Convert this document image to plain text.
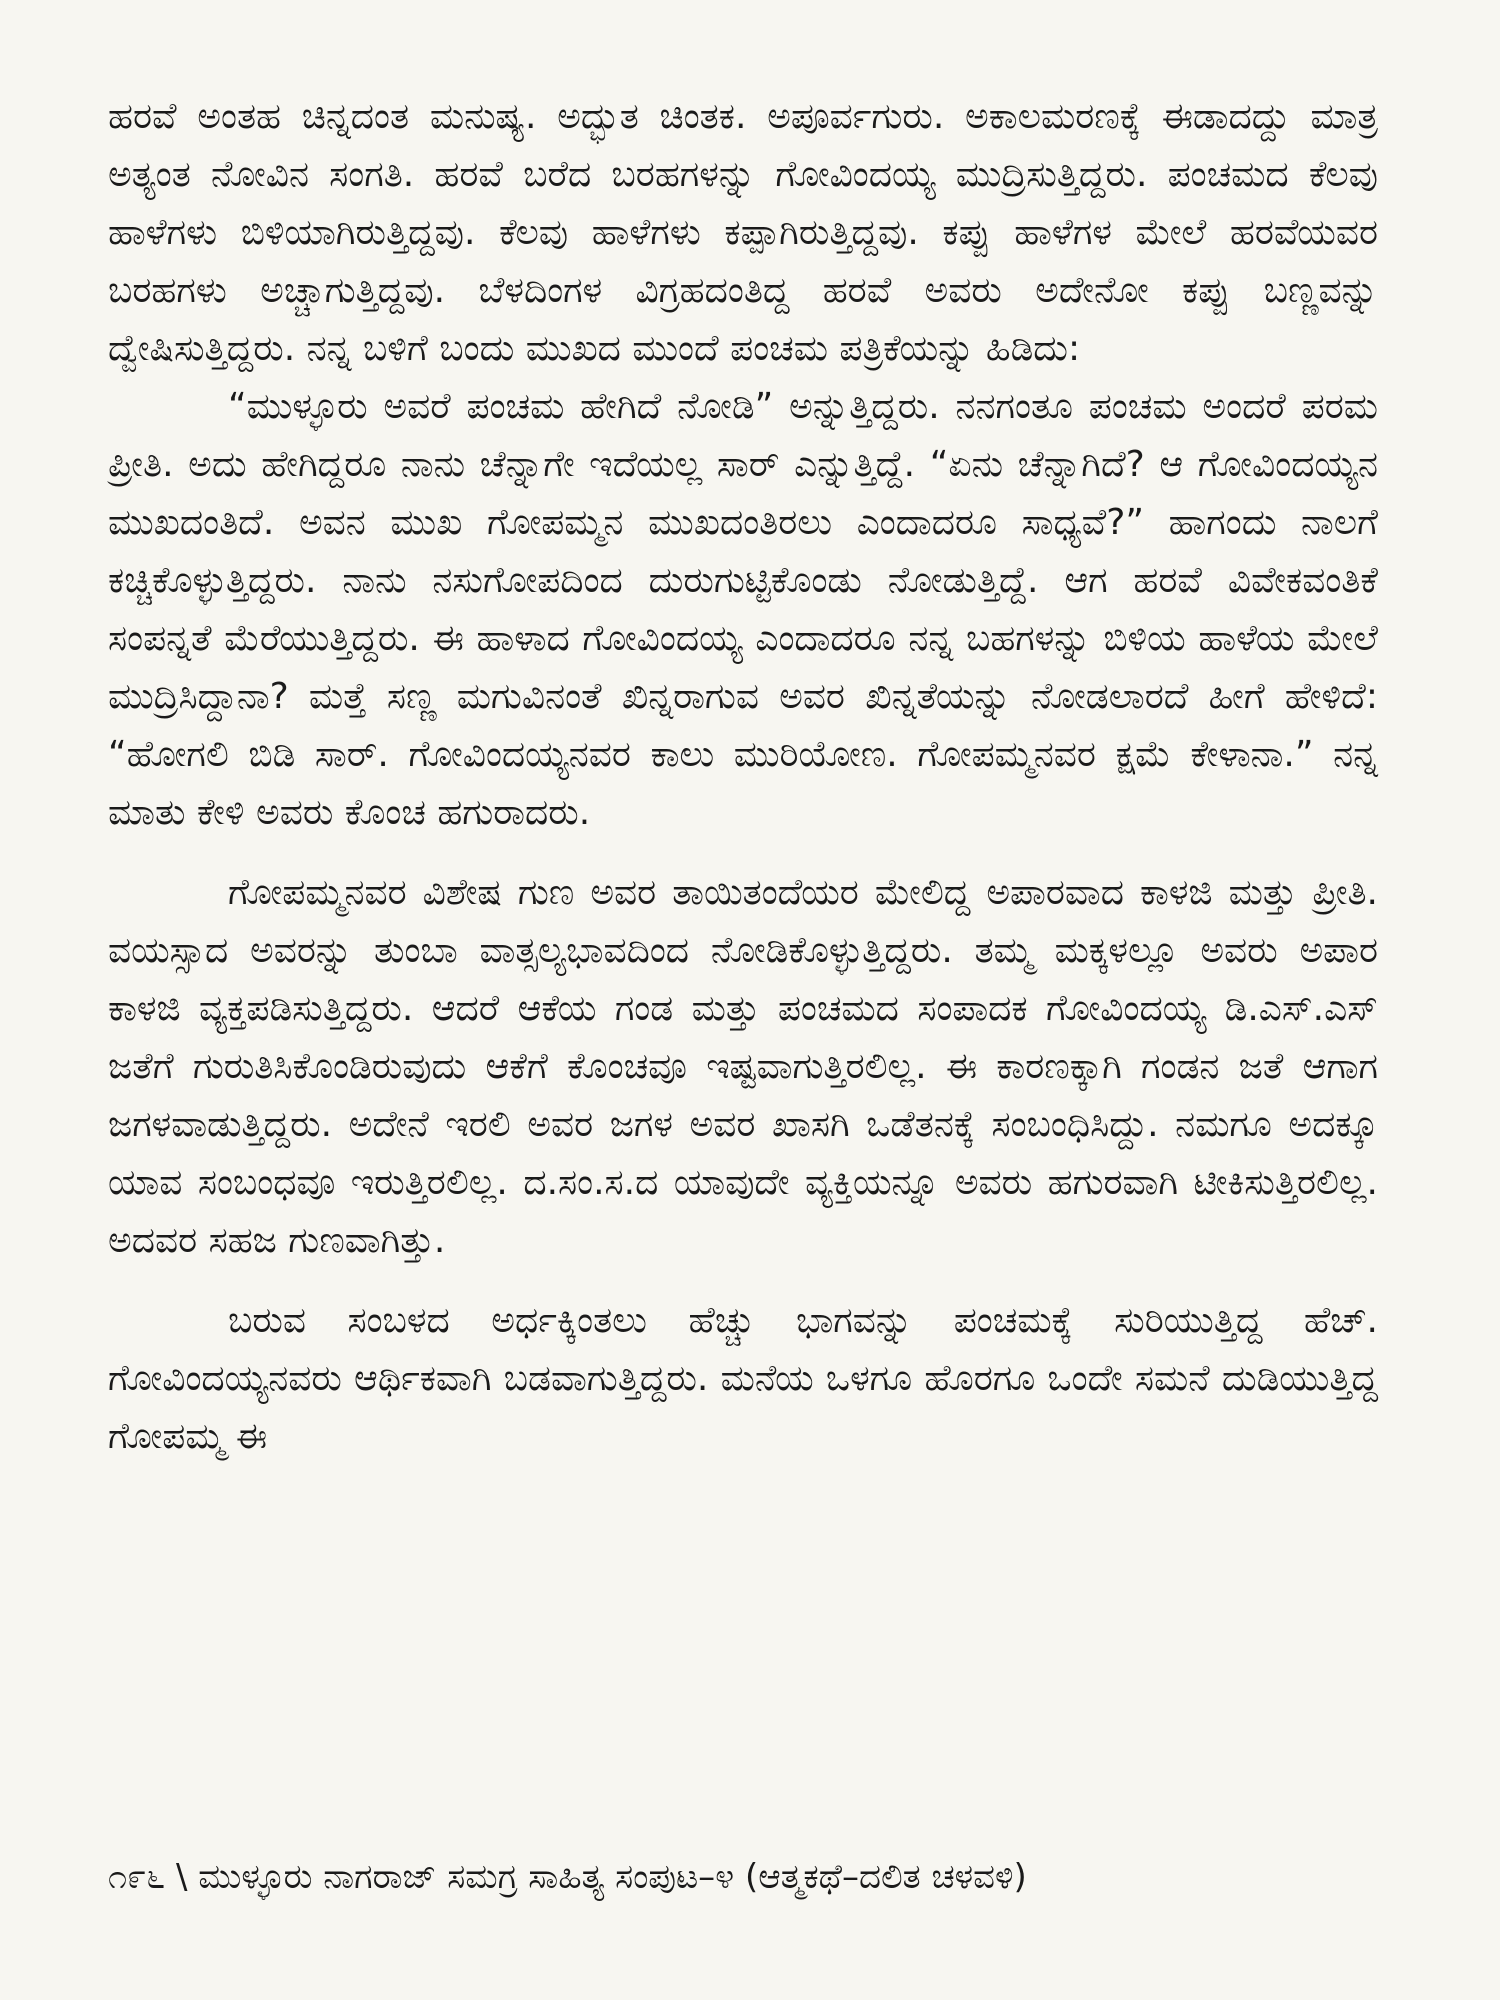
ಹರವೆ ಅಂತಹ ಚಿನ್ನದಂತ ಮನುಷ್ಯ. ಅದ್ಭುತ ಚಿಂತಕ. ಅಪೂರ್ವಗುರು. ಅಕಾಲಮರಣಕ್ಕೆ ಈಡಾದದ್ದು ಮಾತ್ರ ಅತ್ಯಂತ ನೋವಿನ ಸಂಗತಿ. ಹರವೆ ಬರೆದ ಬರಹಗಳನ್ನು ಗೋವಿಂದಯ್ಯ ಮುದ್ರಿಸುತ್ತಿದ್ದರು. ಪಂಚಮದ ಕೆಲವು ಹಾಳೆಗಳು ಬಿಳಿಯಾಗಿರುತ್ತಿದ್ದವು. ಕೆಲವು ಹಾಳೆಗಳು ಕಪ್ಪಾಗಿರುತ್ತಿದ್ದವು. ಕಪ್ಪು ಹಾಳೆಗಳ ಮೇಲೆ ಹರವೆಯವರ ಬರಹಗಳು ಅಚ್ಚಾಗುತ್ತಿದ್ದವು. ಬೆಳದಿಂಗಳ ವಿಗ್ರಹದಂತಿದ್ದ ಹರವೆ ಅವರು ಅದೇನೋ ಕಪ್ಪು ಬಣ್ಣವನ್ನು ದ್ವೇಷಿಸುತ್ತಿದ್ದರು. ನನ್ನ ಬಳಿಗೆ ಬಂದು ಮುಖದ ಮುಂದೆ ಪಂಚಮ ಪತ್ರಿಕೆಯನ್ನು ಹಿಡಿದು:

“ಮುಳ್ಳೂರು ಅವರೆ ಪಂಚಮ ಹೇಗಿದೆ ನೋಡಿ” ಅನ್ನುತ್ತಿದ್ದರು. ನನಗಂತೂ ಪಂಚಮ ಅಂದರೆ ಪರಮ ಪ್ರೀತಿ. ಅದು ಹೇಗಿದ್ದರೂ ನಾನು ಚೆನ್ನಾಗೇ ಇದೆಯಲ್ಲ ಸಾರ್ ಎನ್ನುತ್ತಿದ್ದೆ. “ಏನು ಚೆನ್ನಾಗಿದೆ? ಆ ಗೋವಿಂದಯ್ಯನ ಮುಖದಂತಿದೆ. ಅವನ ಮುಖ ಗೋಪಮ್ಮನ ಮುಖದಂತಿರಲು ಎಂದಾದರೂ ಸಾಧ್ಯವೆ?” ಹಾಗಂದು ನಾಲಗೆ ಕಚ್ಚಿಕೊಳ್ಳುತ್ತಿದ್ದರು. ನಾನು ನಸುಗೋಪದಿಂದ ದುರುಗುಟ್ಟಿಕೊಂಡು ನೋಡುತ್ತಿದ್ದೆ. ಆಗ ಹರವೆ ವಿವೇಕವಂತಿಕೆ ಸಂಪನ್ನತೆ ಮೆರೆಯುತ್ತಿದ್ದರು. ಈ ಹಾಳಾದ ಗೋವಿಂದಯ್ಯ ಎಂದಾದರೂ ನನ್ನ ಬಹಗಳನ್ನು ಬಿಳಿಯ ಹಾಳೆಯ ಮೇಲೆ ಮುದ್ರಿಸಿದ್ದಾನಾ? ಮತ್ತೆ ಸಣ್ಣ ಮಗುವಿನಂತೆ ಖಿನ್ನರಾಗುವ ಅವರ ಖಿನ್ನತೆಯನ್ನು ನೋಡಲಾರದೆ ಹೀಗೆ ಹೇಳಿದೆ: “ಹೋಗಲಿ ಬಿಡಿ ಸಾರ್. ಗೋವಿಂದಯ್ಯನವರ ಕಾಲು ಮುರಿಯೋಣ. ಗೋಪಮ್ಮನವರ ಕ್ಷಮೆ ಕೇಳಾನಾ.” ನನ್ನ ಮಾತು ಕೇಳಿ ಅವರು ಕೊಂಚ ಹಗುರಾದರು.

ಗೋಪಮ್ಮನವರ ವಿಶೇಷ ಗುಣ ಅವರ ತಾಯಿತಂದೆಯರ ಮೇಲಿದ್ದ ಅಪಾರವಾದ ಕಾಳಜಿ ಮತ್ತು ಪ್ರೀತಿ. ವಯಸ್ಸಾದ ಅವರನ್ನು ತುಂಬಾ ವಾತ್ಸಲ್ಯಭಾವದಿಂದ ನೋಡಿಕೊಳ್ಳುತ್ತಿದ್ದರು. ತಮ್ಮ ಮಕ್ಕಳಲ್ಲೂ ಅವರು ಅಪಾರ ಕಾಳಜಿ ವ್ಯಕ್ತಪಡಿಸುತ್ತಿದ್ದರು. ಆದರೆ ಆಕೆಯ ಗಂಡ ಮತ್ತು ಪಂಚಮದ ಸಂಪಾದಕ ಗೋವಿಂದಯ್ಯ ಡಿ.ಎಸ್.ಎಸ್ ಜತೆಗೆ ಗುರುತಿಸಿಕೊಂಡಿರುವುದು ಆಕೆಗೆ ಕೊಂಚವೂ ಇಷ್ಟವಾಗುತ್ತಿರಲಿಲ್ಲ. ಈ ಕಾರಣಕ್ಕಾಗಿ ಗಂಡನ ಜತೆ ಆಗಾಗ ಜಗಳವಾಡುತ್ತಿದ್ದರು. ಅದೇನೆ ಇರಲಿ ಅವರ ಜಗಳ ಅವರ ಖಾಸಗಿ ಒಡೆತನಕ್ಕೆ ಸಂಬಂಧಿಸಿದ್ದು. ನಮಗೂ ಅದಕ್ಕೂ ಯಾವ ಸಂಬಂಧವೂ ಇರುತ್ತಿರಲಿಲ್ಲ. ದ.ಸಂ.ಸ.ದ ಯಾವುದೇ ವ್ಯಕ್ತಿಯನ್ನೂ ಅವರು ಹಗುರವಾಗಿ ಟೀಕಿಸುತ್ತಿರಲಿಲ್ಲ. ಅದವರ ಸಹಜ ಗುಣವಾಗಿತ್ತು.

ಬರುವ ಸಂಬಳದ ಅರ್ಧಕ್ಕಿಂತಲು ಹೆಚ್ಚು ಭಾಗವನ್ನು ಪಂಚಮಕ್ಕೆ ಸುರಿಯುತ್ತಿದ್ದ ಹೆಚ್. ಗೋವಿಂದಯ್ಯನವರು ಆರ್ಥಿಕವಾಗಿ ಬಡವಾಗುತ್ತಿದ್ದರು. ಮನೆಯ ಒಳಗೂ ಹೊರಗೂ ಒಂದೇ ಸಮನೆ ದುಡಿಯುತ್ತಿದ್ದ ಗೋಪಮ್ಮ ಈ

೧೯೬ \ ಮುಳ್ಳೂರು ನಾಗರಾಜ್ ಸಮಗ್ರ ಸಾಹಿತ್ಯ ಸಂಪುಟ–೪ (ಆತ್ಮಕಥೆ–ದಲಿತ ಚಳವಳಿ)
